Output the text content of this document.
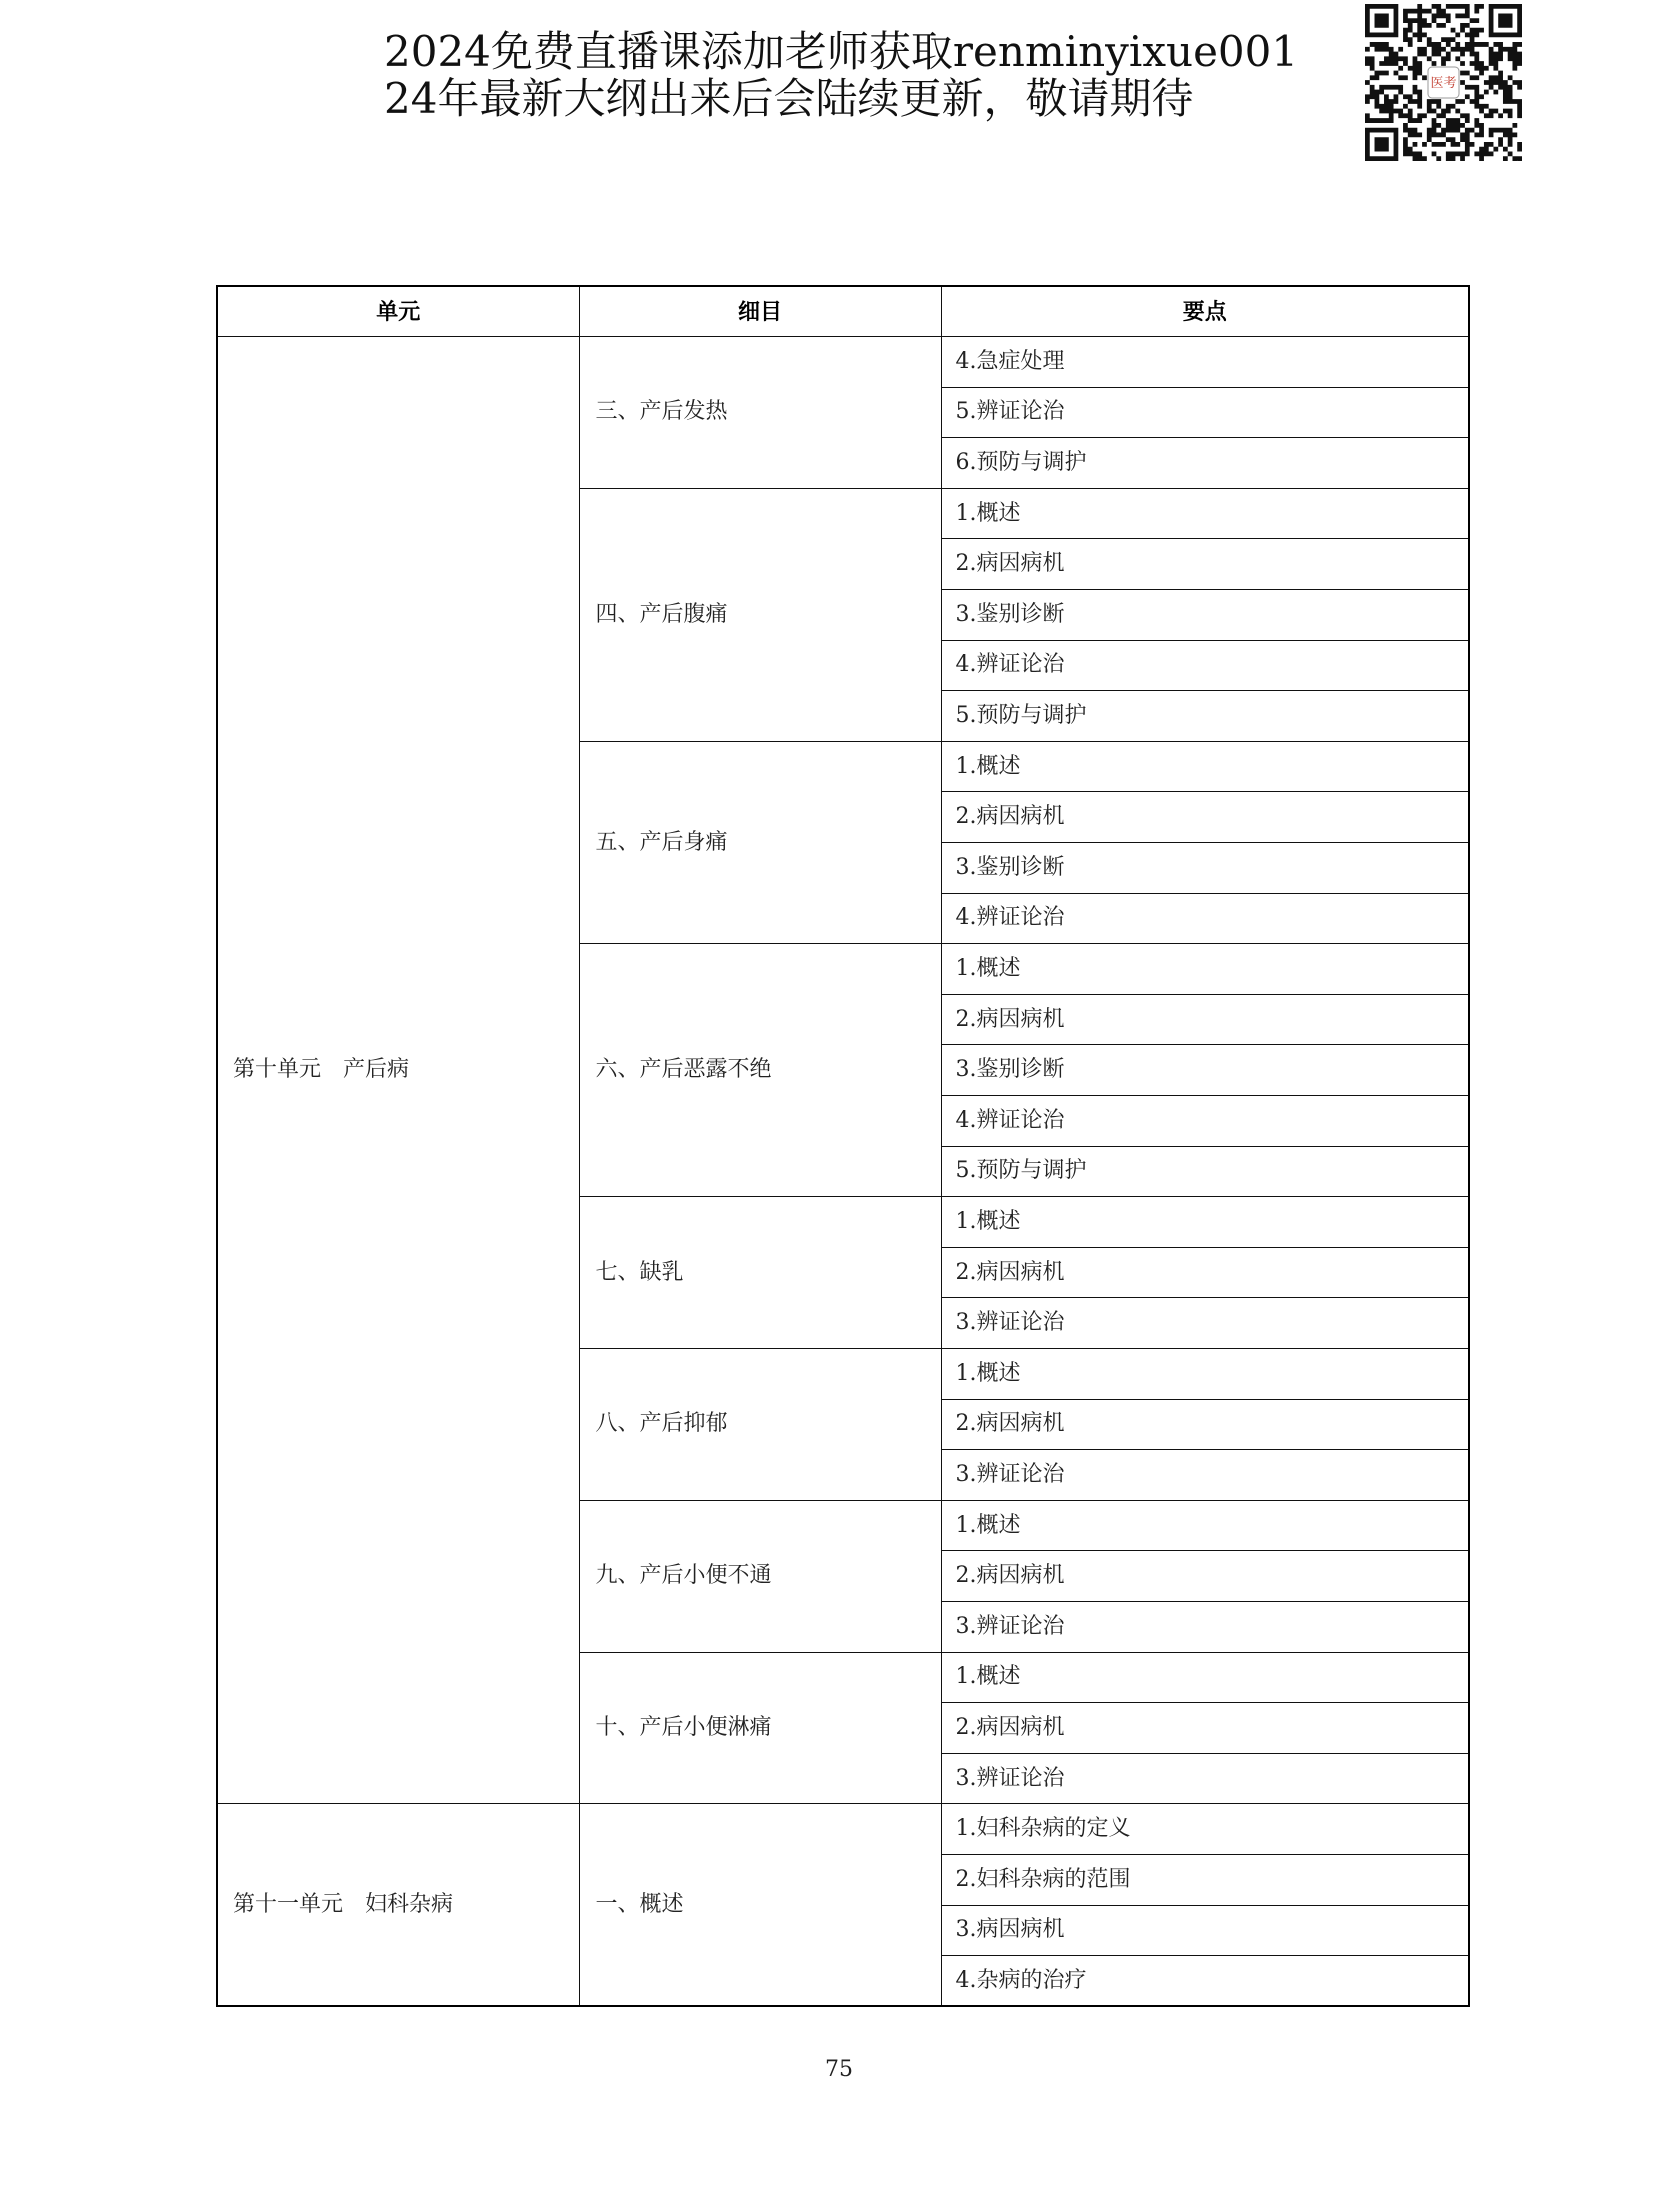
2024免费直播课添加老师获取renminyixue001
24年最新大纲出来后会陆续更新，敬请期待	医考
单元	细目	要点
第十单元　产后病	三、产后发热	4.急症处理
		5.辨证论治
		6.预防与调护
	四、产后腹痛	1.概述
		2.病因病机
		3.鉴别诊断
		4.辨证论治
		5.预防与调护
	五、产后身痛	1.概述
		2.病因病机
		3.鉴别诊断
		4.辨证论治
	六、产后恶露不绝	1.概述
		2.病因病机
		3.鉴别诊断
		4.辨证论治
		5.预防与调护
	七、缺乳	1.概述
		2.病因病机
		3.辨证论治
	八、产后抑郁	1.概述
		2.病因病机
		3.辨证论治
	九、产后小便不通	1.概述
		2.病因病机
		3.辨证论治
	十、产后小便淋痛	1.概述
		2.病因病机
		3.辨证论治
第十一单元　妇科杂病	一、概述	1.妇科杂病的定义
		2.妇科杂病的范围
		3.病因病机
		4.杂病的治疗
75
